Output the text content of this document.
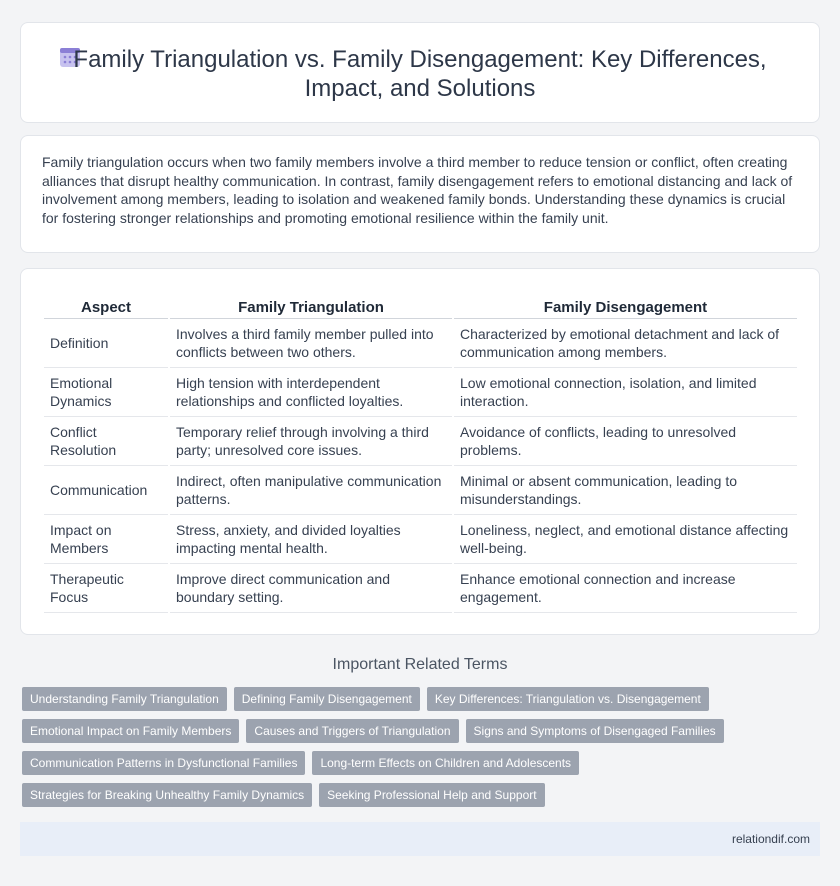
Family Triangulation vs. Family Disengagement: Key Differences, Impact, and Solutions

Family triangulation occurs when two family members involve a third member to reduce tension or conflict, often creating alliances that disrupt healthy communication. In contrast, family disengagement refers to emotional distancing and lack of involvement among members, leading to isolation and weakened family bonds. Understanding these dynamics is crucial for fostering stronger relationships and promoting emotional resilience within the family unit.

Aspect	Family Triangulation	Family Disengagement
Definition	Involves a third family member pulled into conflicts between two others.	Characterized by emotional detachment and lack of communication among members.
Emotional Dynamics	High tension with interdependent relationships and conflicted loyalties.	Low emotional connection, isolation, and limited interaction.
Conflict Resolution	Temporary relief through involving a third party; unresolved core issues.	Avoidance of conflicts, leading to unresolved problems.
Communication	Indirect, often manipulative communication patterns.	Minimal or absent communication, leading to misunderstandings.
Impact on Members	Stress, anxiety, and divided loyalties impacting mental health.	Loneliness, neglect, and emotional distance affecting well-being.
Therapeutic Focus	Improve direct communication and boundary setting.	Enhance emotional connection and increase engagement.
Important Related Terms
Understanding Family Triangulation	Defining Family Disengagement	Key Differences: Triangulation vs. Disengagement
Emotional Impact on Family Members	Causes and Triggers of Triangulation	Signs and Symptoms of Disengaged Families
Communication Patterns in Dysfunctional Families	Long-term Effects on Children and Adolescents
Strategies for Breaking Unhealthy Family Dynamics	Seeking Professional Help and Support
relationdif.com
